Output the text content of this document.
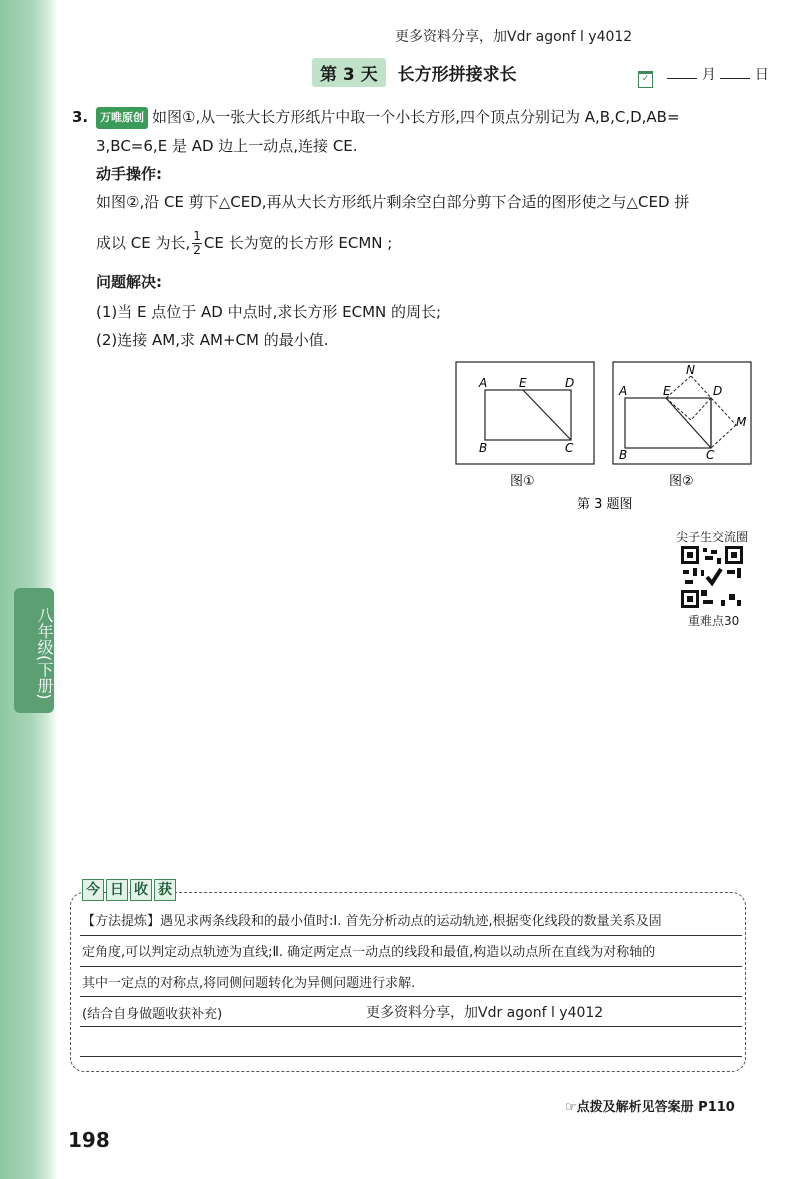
八年级(下册)
更多资料分享，加Vdr agonf l y4012
第 3 天 长方形拼接求长	✓	月	日
3.	万唯原创 如图①,从一张大长方形纸片中取一个小长方形,四个顶点分别记为 A,B,C,D,AB=
3,BC=6,E 是 AD 边上一动点,连接 CE.
动手操作:
如图②,沿 CE 剪下△CED,再从大长方形纸片剩余空白部分剪下合适的图形使之与△CED 拼
成以 CE 为长, $\frac{1}{2}$ CE 长为宽的长方形 ECMN ;
问题解决:
(1)当 E 点位于 AD 中点时,求长方形 ECMN 的周长;
(2)连接 AM,求 AM+CM 的最小值.
A	E	D
B	C
图①
N
A	E	D
M
B	C
图②
第 3 题图
尖子生交流圈
重难点30
今 日 收 获
【方法提炼】遇见求两条线段和的最小值时:Ⅰ. 首先分析动点的运动轨迹,根据变化线段的数量关系及固
定角度,可以判定动点轨迹为直线;Ⅱ. 确定两定点一动点的线段和最值,构造以动点所在直线为对称轴的
其中一定点的对称点,将同侧问题转化为异侧问题进行求解.
(结合自身做题收获补充)	更多资料分享，加Vdr agonf l y4012
☞点拨及解析见答案册 P110
198
